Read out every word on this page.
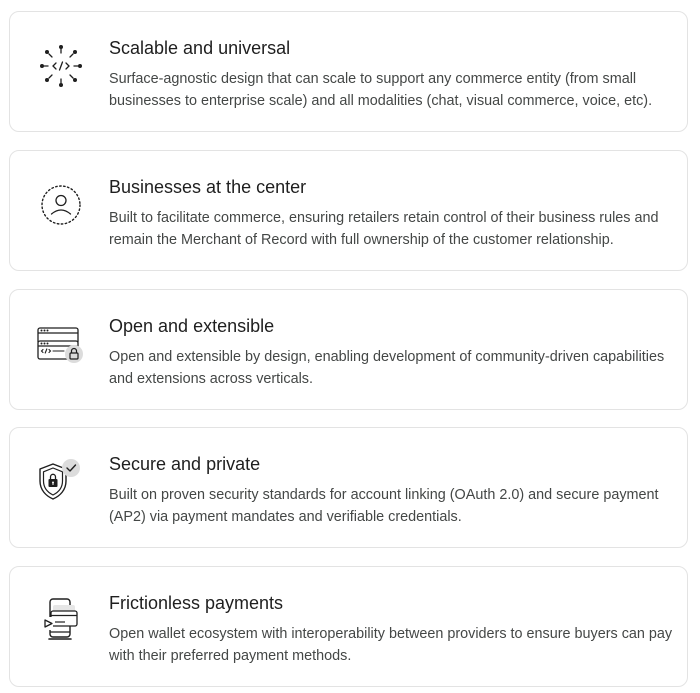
Scalable and universal

Surface-agnostic design that can scale to support any commerce entity (from small businesses to enterprise scale) and all modalities (chat, visual commerce, voice, etc).

Businesses at the center

Built to facilitate commerce, ensuring retailers retain control of their business rules and remain the Merchant of Record with full ownership of the customer relationship.

Open and extensible

Open and extensible by design, enabling development of community-driven capabilities and extensions across verticals.

Secure and private

Built on proven security standards for account linking (OAuth 2.0) and secure payment (AP2) via payment mandates and verifiable credentials.

Frictionless payments

Open wallet ecosystem with interoperability between providers to ensure buyers can pay with their preferred payment methods.
